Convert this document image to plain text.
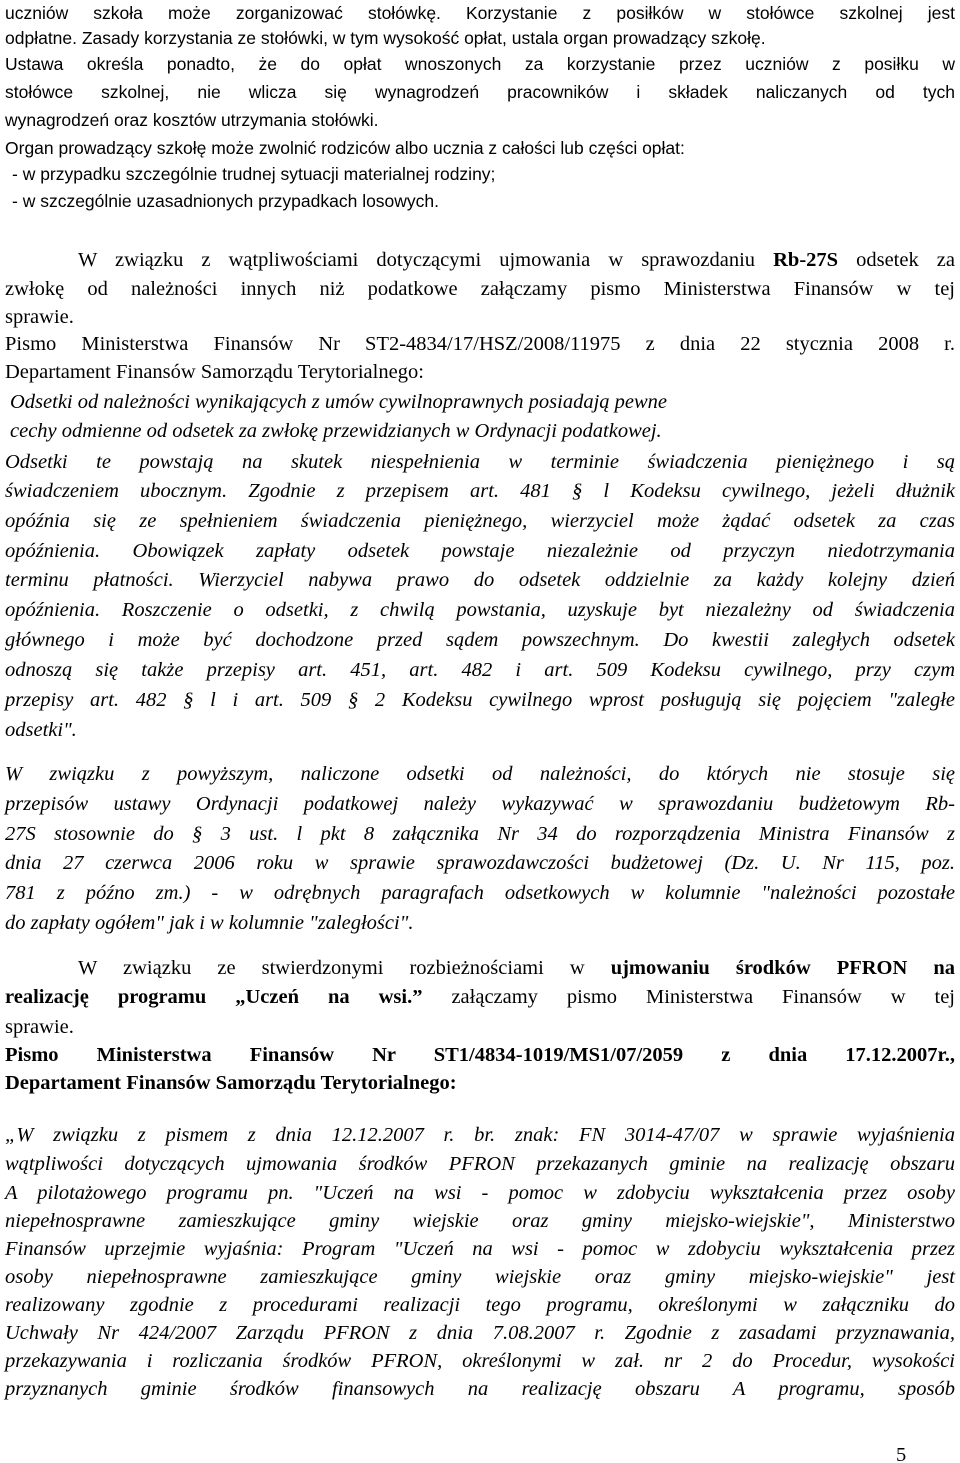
uczniów szkoła może zorganizować stołówkę. Korzystanie z posiłków w stołówce szkolnej jest
odpłatne. Zasady korzystania ze stołówki, w tym wysokość opłat, ustala organ prowadzący szkołę.
Ustawa określa ponadto, że do opłat wnoszonych za korzystanie przez uczniów z posiłku w
stołówce szkolnej, nie wlicza się wynagrodzeń pracowników i składek naliczanych od tych
wynagrodzeń oraz kosztów utrzymania stołówki.
Organ prowadzący szkołę może zwolnić rodziców albo ucznia z całości lub części opłat:
- w przypadku szczególnie trudnej sytuacji materialnej rodziny;
- w szczególnie uzasadnionych przypadkach losowych.
W związku z wątpliwościami dotyczącymi ujmowania w sprawozdaniu Rb-27S odsetek za
zwłokę od należności innych niż podatkowe załączamy pismo Ministerstwa Finansów w tej
sprawie.
Pismo Ministerstwa Finansów Nr ST2-4834/17/HSZ/2008/11975 z dnia 22 stycznia 2008 r.
Departament Finansów Samorządu Terytorialnego:
Odsetki od należności wynikających z umów cywilnoprawnych posiadają pewne
cechy odmienne od odsetek za zwłokę przewidzianych w Ordynacji podatkowej.
Odsetki te powstają na skutek niespełnienia w terminie świadczenia pieniężnego i są
świadczeniem ubocznym. Zgodnie z przepisem art. 481 § l Kodeksu cywilnego, jeżeli dłużnik
opóźnia się ze spełnieniem świadczenia pieniężnego, wierzyciel może żądać odsetek za czas
opóźnienia. Obowiązek zapłaty odsetek powstaje niezależnie od przyczyn niedotrzymania
terminu płatności. Wierzyciel nabywa prawo do odsetek oddzielnie za każdy kolejny dzień
opóźnienia. Roszczenie o odsetki, z chwilą powstania, uzyskuje byt niezależny od świadczenia
głównego i może być dochodzone przed sądem powszechnym. Do kwestii zaległych odsetek
odnoszą się także przepisy art. 451, art. 482 i art. 509 Kodeksu cywilnego, przy czym
przepisy art. 482 § l i art. 509 § 2 Kodeksu cywilnego wprost posługują się pojęciem "zaległe
odsetki".
W związku z powyższym, naliczone odsetki od należności, do których nie stosuje się
przepisów ustawy Ordynacji podatkowej należy wykazywać w sprawozdaniu budżetowym Rb-
27S stosownie do § 3 ust. l pkt 8 załącznika Nr 34 do rozporządzenia Ministra Finansów z
dnia 27 czerwca 2006 roku w sprawie sprawozdawczości budżetowej (Dz. U. Nr 115, poz.
781 z późno zm.) - w odrębnych paragrafach odsetkowych w kolumnie "należności pozostałe
do zapłaty ogółem" jak i w kolumnie "zaległości".
W związku ze stwierdzonymi rozbieżnościami w ujmowaniu środków PFRON na
realizację programu „Uczeń na wsi.” załączamy pismo Ministerstwa Finansów w tej
sprawie.
Pismo Ministerstwa Finansów Nr ST1/4834-1019/MS1/07/2059 z dnia 17.12.2007r.,
Departament Finansów Samorządu Terytorialnego:
„W związku z pismem z dnia 12.12.2007 r. br. znak: FN 3014-47/07 w sprawie wyjaśnienia
wątpliwości dotyczących ujmowania środków PFRON przekazanych gminie na realizację obszaru
A pilotażowego programu pn. "Uczeń na wsi - pomoc w zdobyciu wykształcenia przez osoby
niepełnosprawne zamieszkujące gminy wiejskie oraz gminy miejsko-wiejskie", Ministerstwo
Finansów uprzejmie wyjaśnia: Program "Uczeń na wsi - pomoc w zdobyciu wykształcenia przez
osoby niepełnosprawne zamieszkujące gminy wiejskie oraz gminy miejsko-wiejskie" jest
realizowany zgodnie z procedurami realizacji tego programu, określonymi w załączniku do
Uchwały Nr 424/2007 Zarządu PFRON z dnia 7.08.2007 r. Zgodnie z zasadami przyznawania,
przekazywania i rozliczania środków PFRON, określonymi w zał. nr 2 do Procedur, wysokości
przyznanych gminie środków finansowych na realizację obszaru A programu, sposób
5
